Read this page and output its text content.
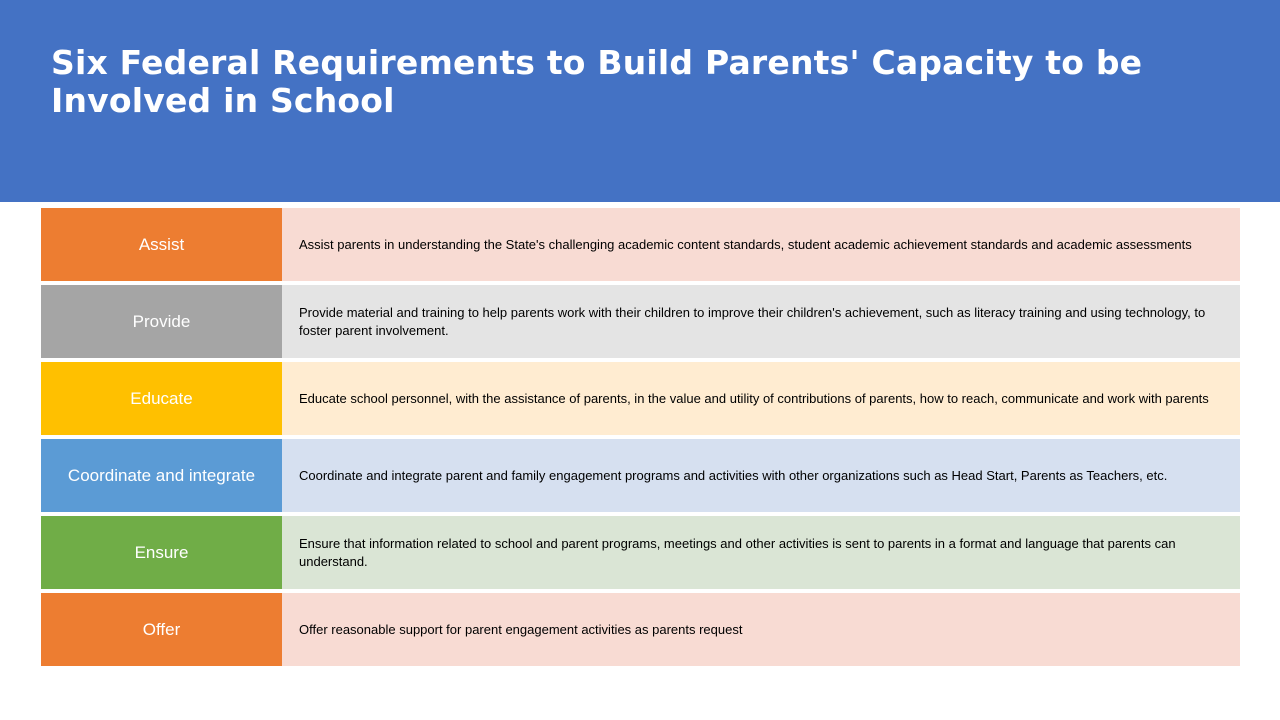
Six Federal Requirements to Build Parents' Capacity to be Involved in School
Assist	Assist parents in understanding the State's challenging academic content standards, student academic achievement standards and academic assessments
Provide	Provide material and training to help parents work with their children to improve their children's achievement, such as literacy training and using technology, to foster parent involvement.
Educate	Educate school personnel, with the assistance of parents, in the value and utility of contributions of parents, how to reach, communicate and work with parents
Coordinate and integrate	Coordinate and integrate parent and family engagement programs and activities with other organizations such as Head Start, Parents as Teachers, etc.
Ensure	Ensure that information related to school and parent programs, meetings and other activities is sent to parents in a format and language that parents can understand.
Offer	Offer reasonable support for parent engagement activities as parents request
